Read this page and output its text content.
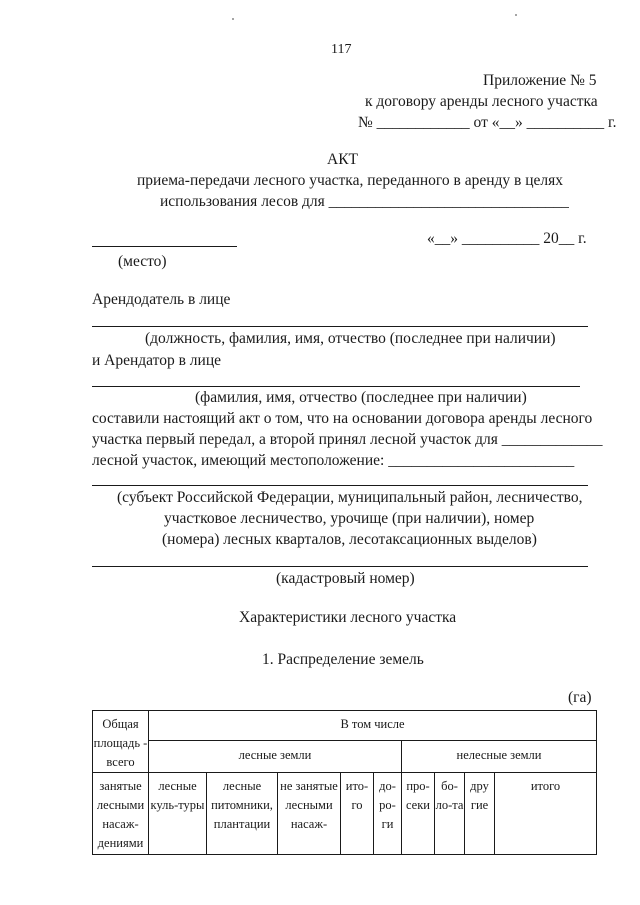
117
Приложение № 5
к договору аренды лесного участка
№ ____________ от «__» __________ г.
АКТ
приема-передачи лесного участка, переданного в аренду в целях
использования лесов для _______________________________
«__» __________ 20__ г.
(место)
Арендодатель в лице
(должность, фамилия, имя, отчество (последнее при наличии)
и Арендатор в лице
(фамилия, имя, отчество (последнее при наличии)
составили настоящий акт о том, что на основании договора аренды лесного
участка первый передал, а второй принял лесной участок для _____________
лесной участок, имеющий местоположение: ________________________
(субъект Российской Федерации, муниципальный район, лесничество,
участковое лесничество, урочище (при наличии), номер
(номера) лесных кварталов, лесотаксационных выделов)
(кадастровый номер)
Характеристики лесного участка
1. Распределение земель
(га)
Общая площадь - всего	В том числе								
	лесные земли					нелесные земли			
занятые лесными насаж-дениями	лесные куль-туры	лесные питомники, плантации	не занятые лесными насаж-	ито-го	до-ро-ги	про-секи	бо-ло-та	дру гие	итого
